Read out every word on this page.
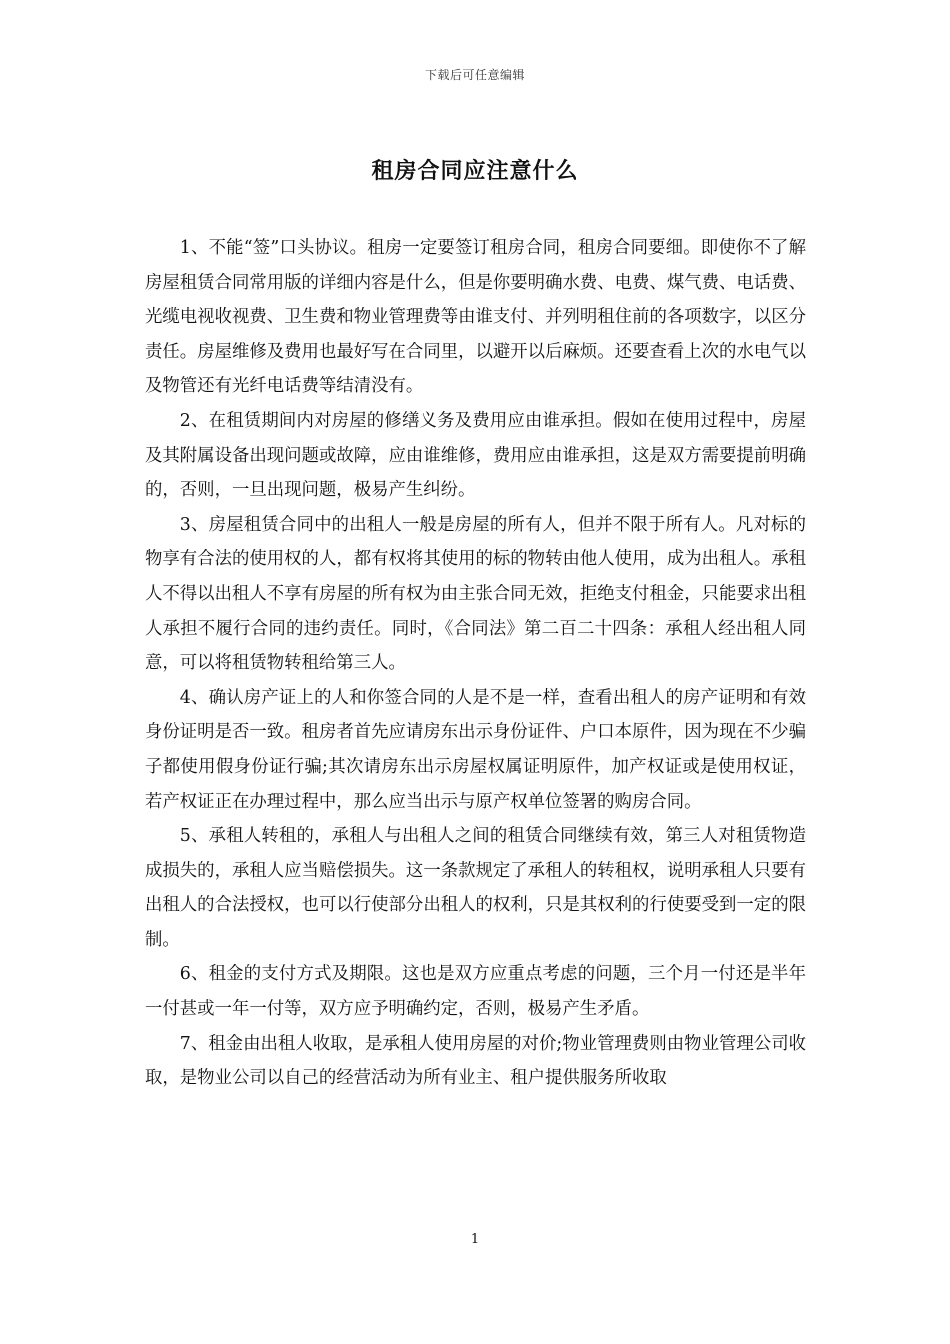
下载后可任意编辑
租房合同应注意什么

1、不能“签”口头协议。租房一定要签订租房合同，租房合同要细。即使你不了解房屋租赁合同常用版的详细内容是什么，但是你要明确水费、电费、煤气费、电话费、光缆电视收视费、卫生费和物业管理费等由谁支付、并列明租住前的各项数字，以区分责任。房屋维修及费用也最好写在合同里，以避开以后麻烦。还要查看上次的水电气以及物管还有光纤电话费等结清没有。

2、在租赁期间内对房屋的修缮义务及费用应由谁承担。假如在使用过程中，房屋及其附属设备出现问题或故障，应由谁维修，费用应由谁承担，这是双方需要提前明确的，否则，一旦出现问题，极易产生纠纷。

3、房屋租赁合同中的出租人一般是房屋的所有人，但并不限于所有人。凡对标的物享有合法的使用权的人，都有权将其使用的标的物转由他人使用，成为出租人。承租人不得以出租人不享有房屋的所有权为由主张合同无效，拒绝支付租金，只能要求出租人承担不履行合同的违约责任。同时，《合同法》第二百二十四条：承租人经出租人同意，可以将租赁物转租给第三人。

4、确认房产证上的人和你签合同的人是不是一样，查看出租人的房产证明和有效身份证明是否一致。租房者首先应请房东出示身份证件、户口本原件，因为现在不少骗子都使用假身份证行骗;其次请房东出示房屋权属证明原件，加产权证或是使用权证，若产权证正在办理过程中，那么应当出示与原产权单位签署的购房合同。

5、承租人转租的，承租人与出租人之间的租赁合同继续有效，第三人对租赁物造成损失的，承租人应当赔偿损失。这一条款规定了承租人的转租权，说明承租人只要有出租人的合法授权，也可以行使部分出租人的权利，只是其权利的行使要受到一定的限制。

6、租金的支付方式及期限。这也是双方应重点考虑的问题，三个月一付还是半年一付甚或一年一付等，双方应予明确约定，否则，极易产生矛盾。

7、租金由出租人收取，是承租人使用房屋的对价;物业管理费则由物业管理公司收取，是物业公司以自己的经营活动为所有业主、租户提供服务所收取

1
